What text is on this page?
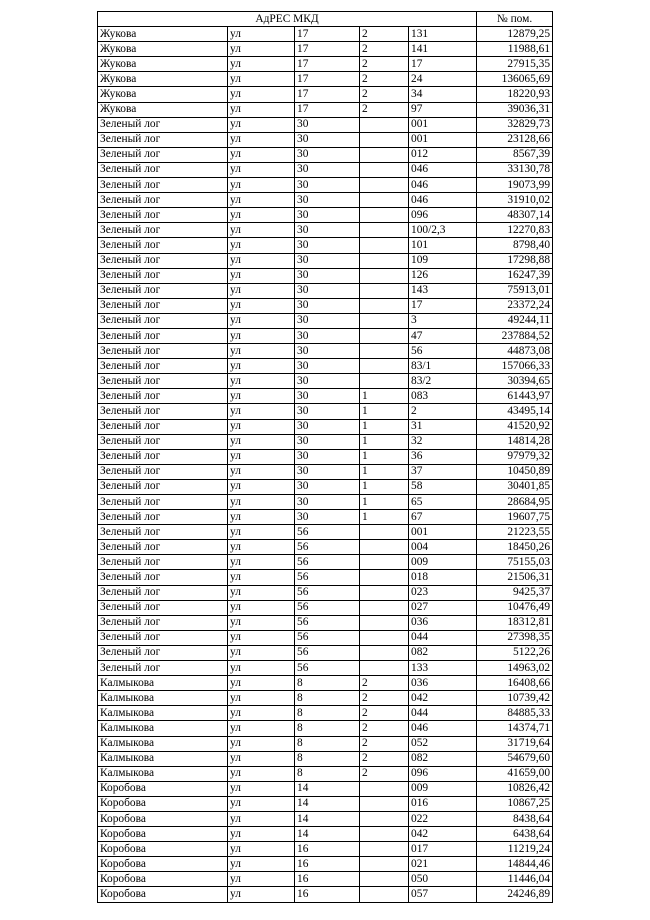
АдРЕС МКД					№ пом.	
Жукова	ул	17	2	131	12879,25	
Жукова	ул	17	2	141	11988,61	
Жукова	ул	17	2	17	27915,35	
Жукова	ул	17	2	24	136065,69	
Жукова	ул	17	2	34	18220,93	
Жукова	ул	17	2	97	39036,31	
Зеленый лог	ул	30		001	32829,73	
Зеленый лог	ул	30		001	23128,66	
Зеленый лог	ул	30		012	8567,39	
Зеленый лог	ул	30		046	33130,78	
Зеленый лог	ул	30		046	19073,99	
Зеленый лог	ул	30		046	31910,02	
Зеленый лог	ул	30		096	48307,14	
Зеленый лог	ул	30		100/2,3	12270,83	
Зеленый лог	ул	30		101	8798,40	
Зеленый лог	ул	30		109	17298,88	
Зеленый лог	ул	30		126	16247,39	
Зеленый лог	ул	30		143	75913,01	
Зеленый лог	ул	30		17	23372,24	
Зеленый лог	ул	30		3	49244,11	
Зеленый лог	ул	30		47	237884,52	
Зеленый лог	ул	30		56	44873,08	
Зеленый лог	ул	30		83/1	157066,33	
Зеленый лог	ул	30		83/2	30394,65	
Зеленый лог	ул	30	1	083	61443,97	
Зеленый лог	ул	30	1	2	43495,14	
Зеленый лог	ул	30	1	31	41520,92	
Зеленый лог	ул	30	1	32	14814,28	
Зеленый лог	ул	30	1	36	97979,32	
Зеленый лог	ул	30	1	37	10450,89	
Зеленый лог	ул	30	1	58	30401,85	
Зеленый лог	ул	30	1	65	28684,95	
Зеленый лог	ул	30	1	67	19607,75	
Зеленый лог	ул	56		001	21223,55	
Зеленый лог	ул	56		004	18450,26	
Зеленый лог	ул	56		009	75155,03	
Зеленый лог	ул	56		018	21506,31	
Зеленый лог	ул	56		023	9425,37	
Зеленый лог	ул	56		027	10476,49	
Зеленый лог	ул	56		036	18312,81	
Зеленый лог	ул	56		044	27398,35	
Зеленый лог	ул	56		082	5122,26	
Зеленый лог	ул	56		133	14963,02	
Калмыкова	ул	8	2	036	16408,66	
Калмыкова	ул	8	2	042	10739,42	
Калмыкова	ул	8	2	044	84885,33	
Калмыкова	ул	8	2	046	14374,71	
Калмыкова	ул	8	2	052	31719,64	
Калмыкова	ул	8	2	082	54679,60	
Калмыкова	ул	8	2	096	41659,00	
Коробова	ул	14		009	10826,42	
Коробова	ул	14		016	10867,25	
Коробова	ул	14		022	8438,64	
Коробова	ул	14		042	6438,64	
Коробова	ул	16		017	11219,24	
Коробова	ул	16		021	14844,46	
Коробова	ул	16		050	11446,04	
Коробова	ул	16		057	24246,89	
